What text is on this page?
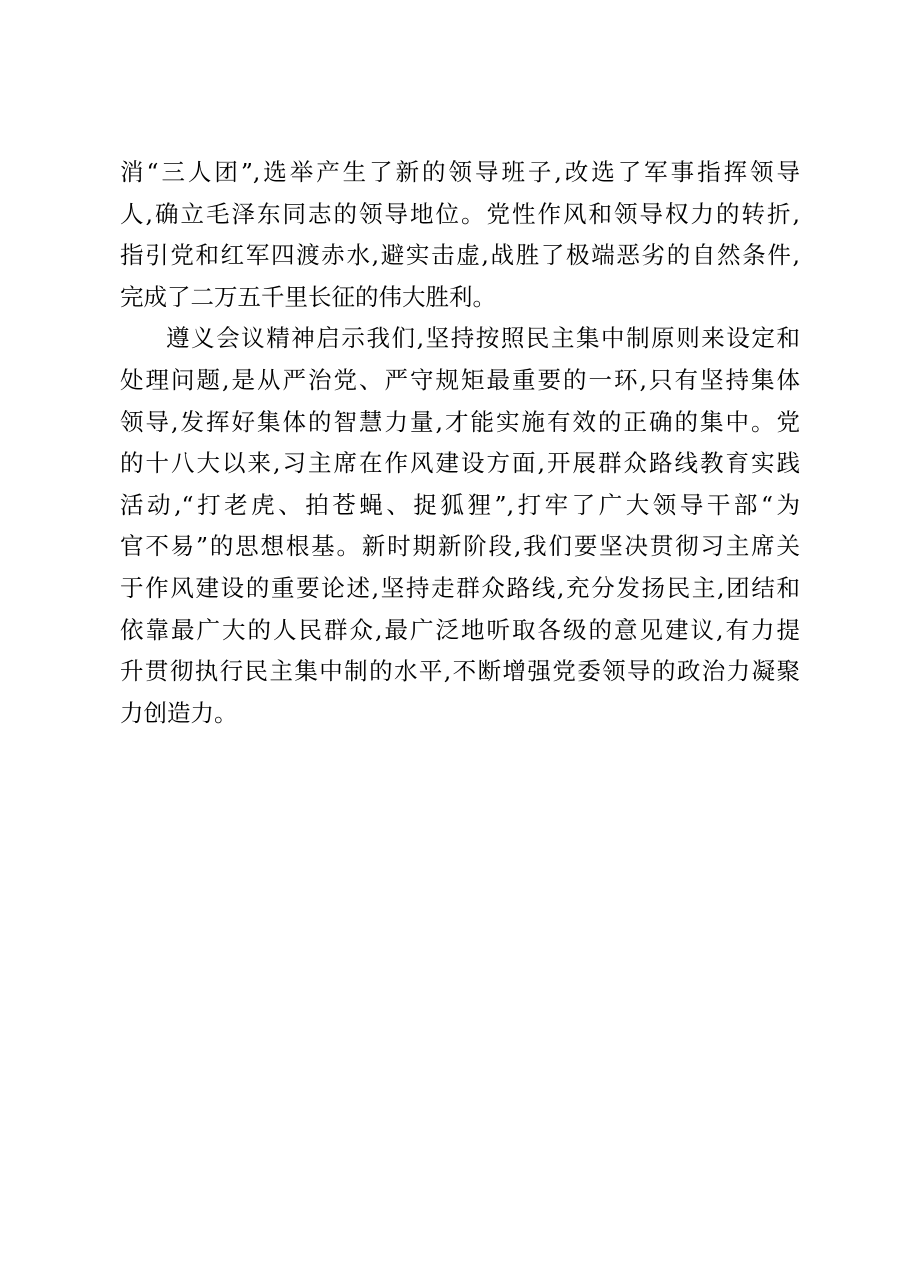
消“三人团”,选举产生了新的领导班子,改选了军事指挥领导
人,确立毛泽东同志的领导地位。党性作风和领导权力的转折,
指引党和红军四渡赤水,避实击虚,战胜了极端恶劣的自然条件,
完成了二万五千里长征的伟大胜利。
遵义会议精神启示我们,坚持按照民主集中制原则来设定和
处理问题,是从严治党、严守规矩最重要的一环,只有坚持集体
领导,发挥好集体的智慧力量,才能实施有效的正确的集中。党
的十八大以来,习主席在作风建设方面,开展群众路线教育实践
活动,“打老虎、拍苍蝇、捉狐狸”,打牢了广大领导干部“为
官不易”的思想根基。新时期新阶段,我们要坚决贯彻习主席关
于作风建设的重要论述,坚持走群众路线,充分发扬民主,团结和
依靠最广大的人民群众,最广泛地听取各级的意见建议,有力提
升贯彻执行民主集中制的水平,不断增强党委领导的政治力凝聚
力创造力。
